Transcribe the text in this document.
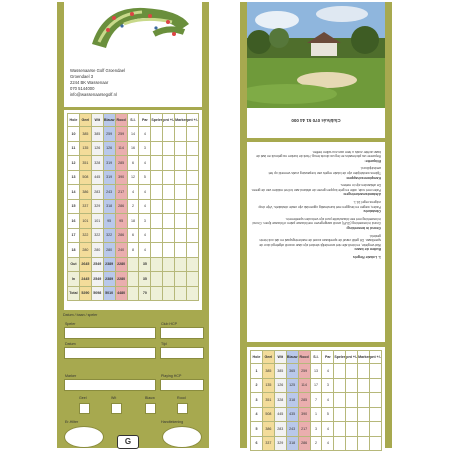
Wassenaarse Golf Groendael
Groendael 3
2244 BK Wassenaar
070 5144000
info@wassenaarsegolf.nl
Hole	Geel	Wit	Blauw	Rood	S.I.	Par	Speler	pnt +/-	Marker	pnt +/-
10	385	385	259	259	14	4				
11	135	126	126	114	16	3				
12	351	328	319	285	6	4				
13	508	445	319	390	12	5				
14	386	283	243	217	4	4				
15	337	329	318	286	2	4				
16	101	101	95	95	18	3				
17	322	322	322	286	6	4				
18	280	280	280	240	8	4				
Out	2645	2549	2389	2280		35				
In	2445	2549	2389	2280		35				
Total	5290	5098	5010	4480		70				
Datum / baan / speler
Speler	Club HCP
Datum	Tijd
Marker	Playing HCP
Geel	Wit	Blauw	Rood
Er-Hilter	Handtekening
G
Clubhuis 070 51 44 000

1. Lokale Regels

Buiten de baan:
Wat vergleke, en biedt alle niet woerdelijk stecket zijn daar woordt afgelegd door de speelbaan. Dit geldt vanaf de speelbaan zowel de markeringspaal en dat ook hierin gesteld.

Grond in bewerking:
Grond in bewerking (GUR) wordt aangegeven met blauwe palen of blauwe lijnen. Grond in bewerking met een blauw/witte punt zijn verboden speelterrein.

Obstakels:
Paden, wegen en bruggen met kunstmatig oppervlak zijn vaste obstakels. Vrije drop volgens regel 16.1.

Afstandsmarkeringen:
Palen met rode, witte en gele koppen geven de afstand aan tot het midden van de green. De afstanden zijn in meters.

Kampioenschappen:
Tijdens wedstrijden zijn de lokale regels van toepassing zoals vermeld op het wedstrijdbord.

Etiquette:
Repareer uw pitchmarks en leg uw divots terug. Hark de bunker na gebruik en laat de baan achter zoals u hem aan zou willen treffen.

Hole	Geel	Wit	Blauw	Rood	S.I.	Par	Speler	pnt +/-	Marker	pnt +/-
1	385	385	365	259	13	4				
2	135	126	125	114	17	3				
3	351	328	318	285	7	4				
4	508	445	435	390	1	5				
5	386	283	243	217	3	4				
6	337	329	318	286	2	4				
